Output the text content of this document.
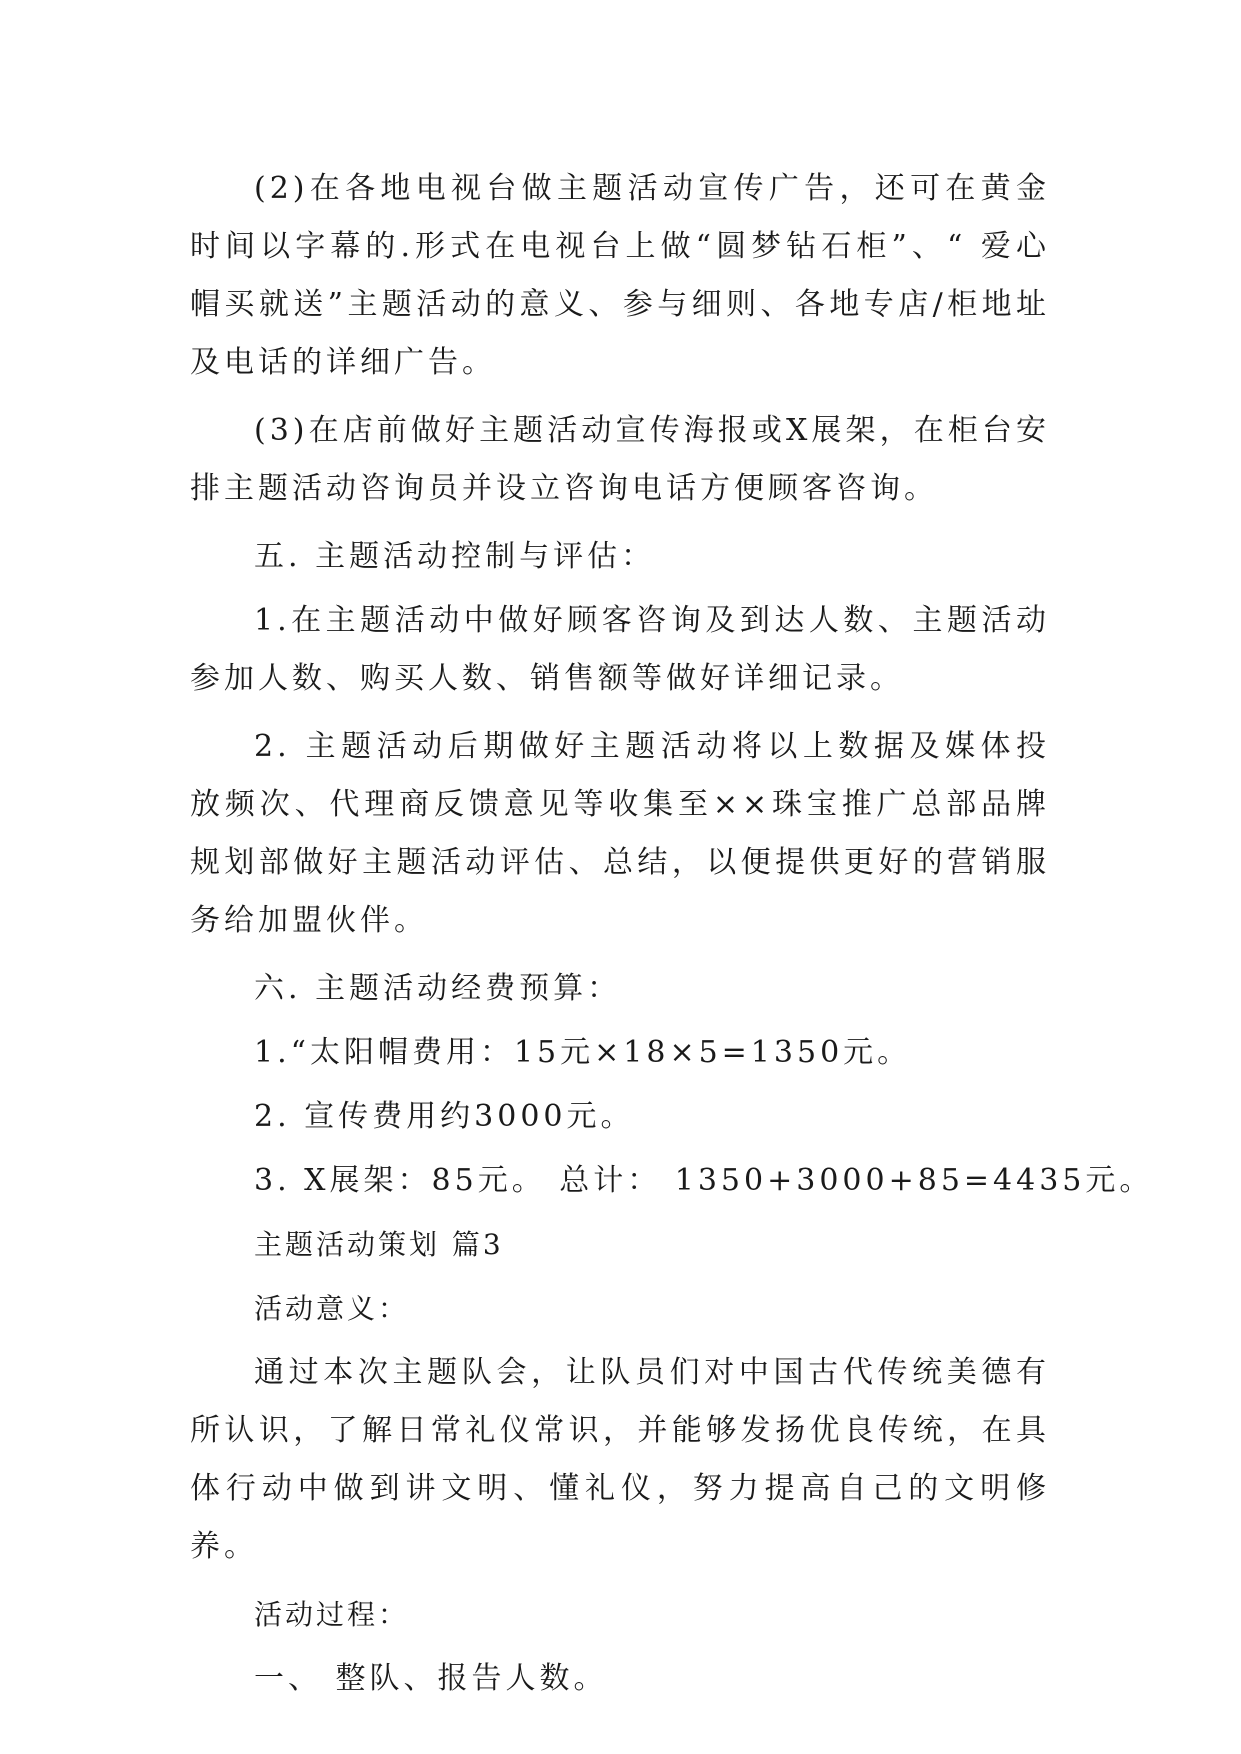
(2)在各地电视台做主题活动宣传广告，还可在黄金时间以字幕的.形式在电视台上做“圆梦钻石柜”、“ 爱心帽买就送”主题活动的意义、参与细则、各地专店/柜地址及电话的详细广告。

(3)在店前做好主题活动宣传海报或X展架，在柜台安排主题活动咨询员并设立咨询电话方便顾客咨询。

五. 主题活动控制与评估：

1.在主题活动中做好顾客咨询及到达人数、主题活动参加人数、购买人数、销售额等做好详细记录。

2. 主题活动后期做好主题活动将以上数据及媒体投放频次、代理商反馈意见等收集至××珠宝推广总部品牌规划部做好主题活动评估、总结，以便提供更好的营销服务给加盟伙伴。

六. 主题活动经费预算：
1.“太阳帽费用：15元×18×5=1350元。
2. 宣传费用约3000元。
3. X展架：85元。 总计： 1350+3000+85=4435元。
主题活动策划 篇3
活动意义：

通过本次主题队会，让队员们对中国古代传统美德有所认识，了解日常礼仪常识，并能够发扬优良传统，在具体行动中做到讲文明、懂礼仪，努力提高自己的文明修养。

活动过程：
一、 整队、报告人数。
